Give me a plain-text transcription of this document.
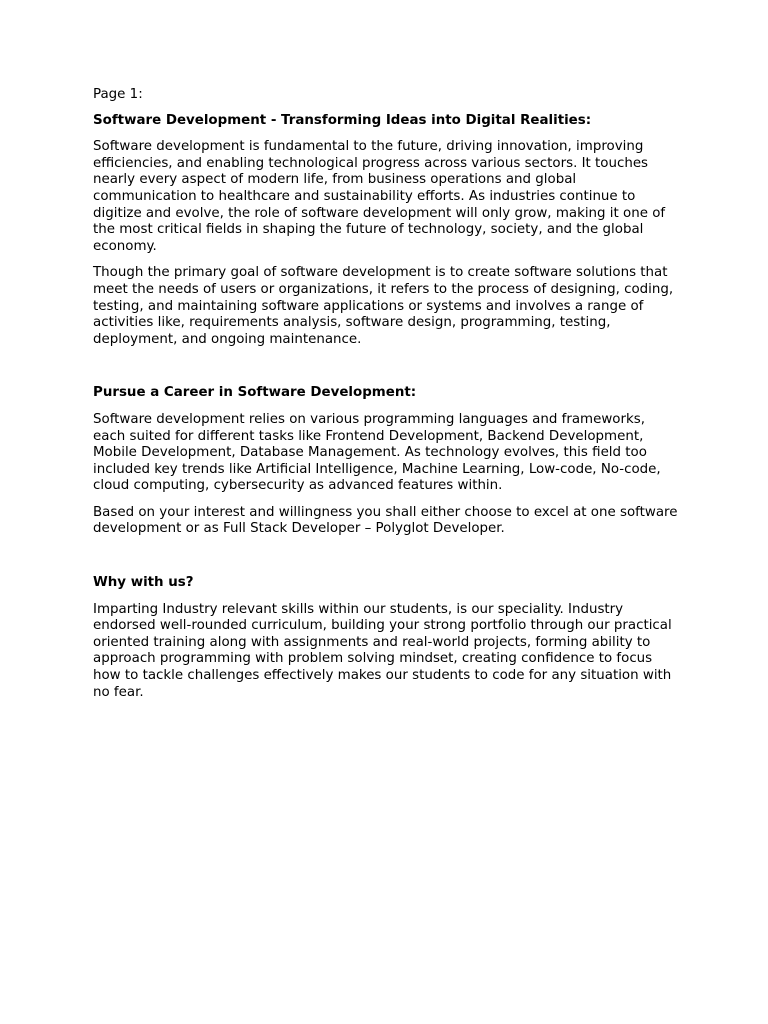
Page 1:

Software Development - Transforming Ideas into Digital Realities:

Software development is fundamental to the future, driving innovation, improving efficiencies, and enabling technological progress across various sectors. It touches nearly every aspect of modern life, from business operations and global communication to healthcare and sustainability efforts. As industries continue to digitize and evolve, the role of software development will only grow, making it one of the most critical fields in shaping the future of technology, society, and the global economy.

Though the primary goal of software development is to create software solutions that meet the needs of users or organizations, it refers to the process of designing, coding, testing, and maintaining software applications or systems and involves a range of activities like, requirements analysis, software design, programming, testing, deployment, and ongoing maintenance.

Pursue a Career in Software Development:

Software development relies on various programming languages and frameworks, each suited for different tasks like Frontend Development, Backend Development, Mobile Development, Database Management. As technology evolves, this field too included key trends like Artificial Intelligence, Machine Learning, Low-code, No-code, cloud computing, cybersecurity as advanced features within.

Based on your interest and willingness you shall either choose to excel at one software development or as Full Stack Developer – Polyglot Developer.

Why with us?

Imparting Industry relevant skills within our students, is our speciality. Industry endorsed well-rounded curriculum, building your strong portfolio through our practical oriented training along with assignments and real-world projects, forming ability to approach programming with problem solving mindset, creating confidence to focus how to tackle challenges effectively makes our students to code for any situation with no fear.
